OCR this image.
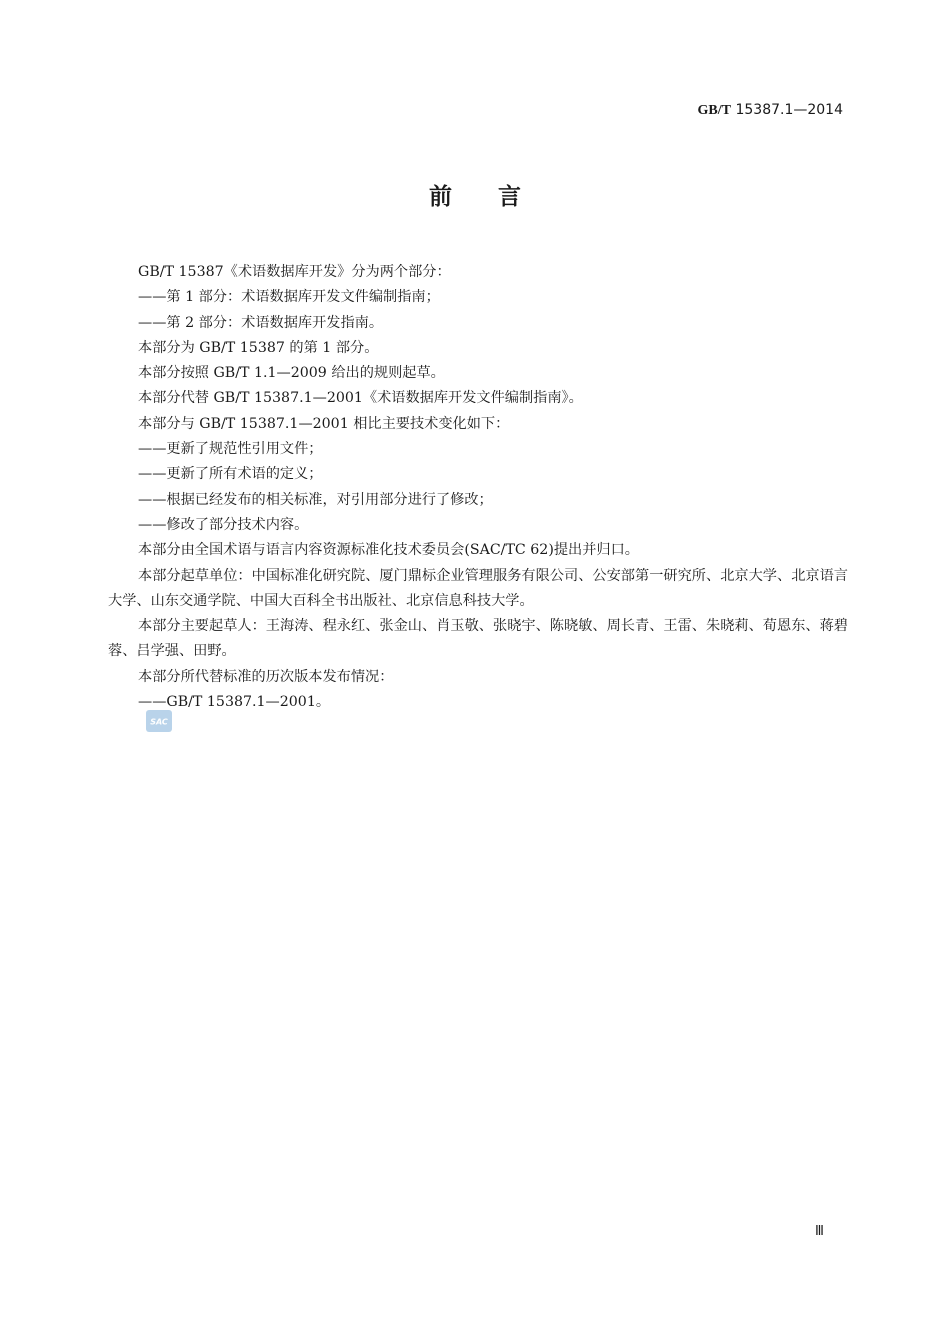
GB/T 15387.1—2014
前言

GB/T 15387《术语数据库开发》分为两个部分：

——第 1 部分：术语数据库开发文件编制指南；

——第 2 部分：术语数据库开发指南。

本部分为 GB/T 15387 的第 1 部分。

本部分按照 GB/T 1.1—2009 给出的规则起草。

本部分代替 GB/T 15387.1—2001《术语数据库开发文件编制指南》。

本部分与 GB/T 15387.1—2001 相比主要技术变化如下：

——更新了规范性引用文件；

——更新了所有术语的定义；

——根据已经发布的相关标准，对引用部分进行了修改；

——修改了部分技术内容。

本部分由全国术语与语言内容资源标准化技术委员会(SAC/TC 62)提出并归口。

本部分起草单位：中国标准化研究院、厦门鼎标企业管理服务有限公司、公安部第一研究所、北京大学、北京语言大学、山东交通学院、中国大百科全书出版社、北京信息科技大学。

本部分主要起草人：王海涛、程永红、张金山、肖玉敬、张晓宇、陈晓敏、周长青、王雷、朱晓莉、荀恩东、蒋碧蓉、吕学强、田野。

本部分所代替标准的历次版本发布情况：

——GB/T 15387.1—2001。

SAC
Ⅲ
